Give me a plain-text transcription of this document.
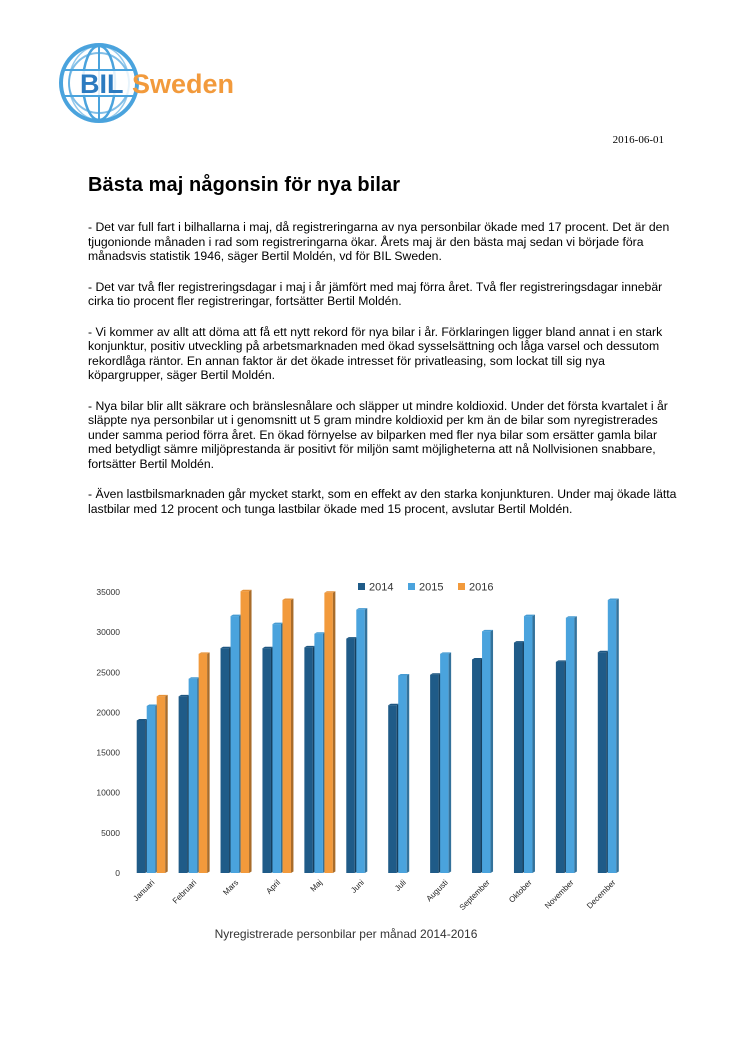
BIL Sweden
2016-06-01
Bästa maj någonsin för nya bilar

- Det var full fart i bilhallarna i maj, då registreringarna av nya personbilar ökade med 17 procent. Det är den tjugonionde månaden i rad som registreringarna ökar. Årets maj är den bästa maj sedan vi började föra månadsvis statistik 1946, säger Bertil Moldén, vd för BIL Sweden.

- Det var två fler registreringsdagar i maj i år jämfört med maj förra året. Två fler registreringsdagar innebär cirka tio procent fler registreringar, fortsätter Bertil Moldén.

- Vi kommer av allt att döma att få ett nytt rekord för nya bilar i år. Förklaringen ligger bland annat i en stark konjunktur, positiv utveckling på arbetsmarknaden med ökad sysselsättning och låga varsel och dessutom rekordlåga räntor. En annan faktor är det ökade intresset för privatleasing, som lockat till sig nya köpargrupper, säger Bertil Moldén.

- Nya bilar blir allt säkrare och bränslesnålare och släpper ut mindre koldioxid. Under det första kvartalet i år släppte nya personbilar ut i genomsnitt ut 5 gram mindre koldioxid per km än de bilar som nyregistrerades under samma period förra året. En ökad förnyelse av bilparken med fler nya bilar som ersätter gamla bilar med betydligt sämre miljöprestanda är positivt för miljön samt möjligheterna att nå Nollvisionen snabbare, fortsätter Bertil Moldén.

- Även lastbilsmarknaden går mycket starkt, som en effekt av den starka konjunkturen. Under maj ökade lätta lastbilar med 12 procent och tunga lastbilar ökade med 15 procent, avslutar Bertil Moldén.

0
5000
10000
15000
20000
25000
30000
35000
Januari Februari	Mars	April	Maj	Juni	Juli Augusti September Oktober November December
2014 2015 2016
Nyregistrerade personbilar per månad 2014-2016
